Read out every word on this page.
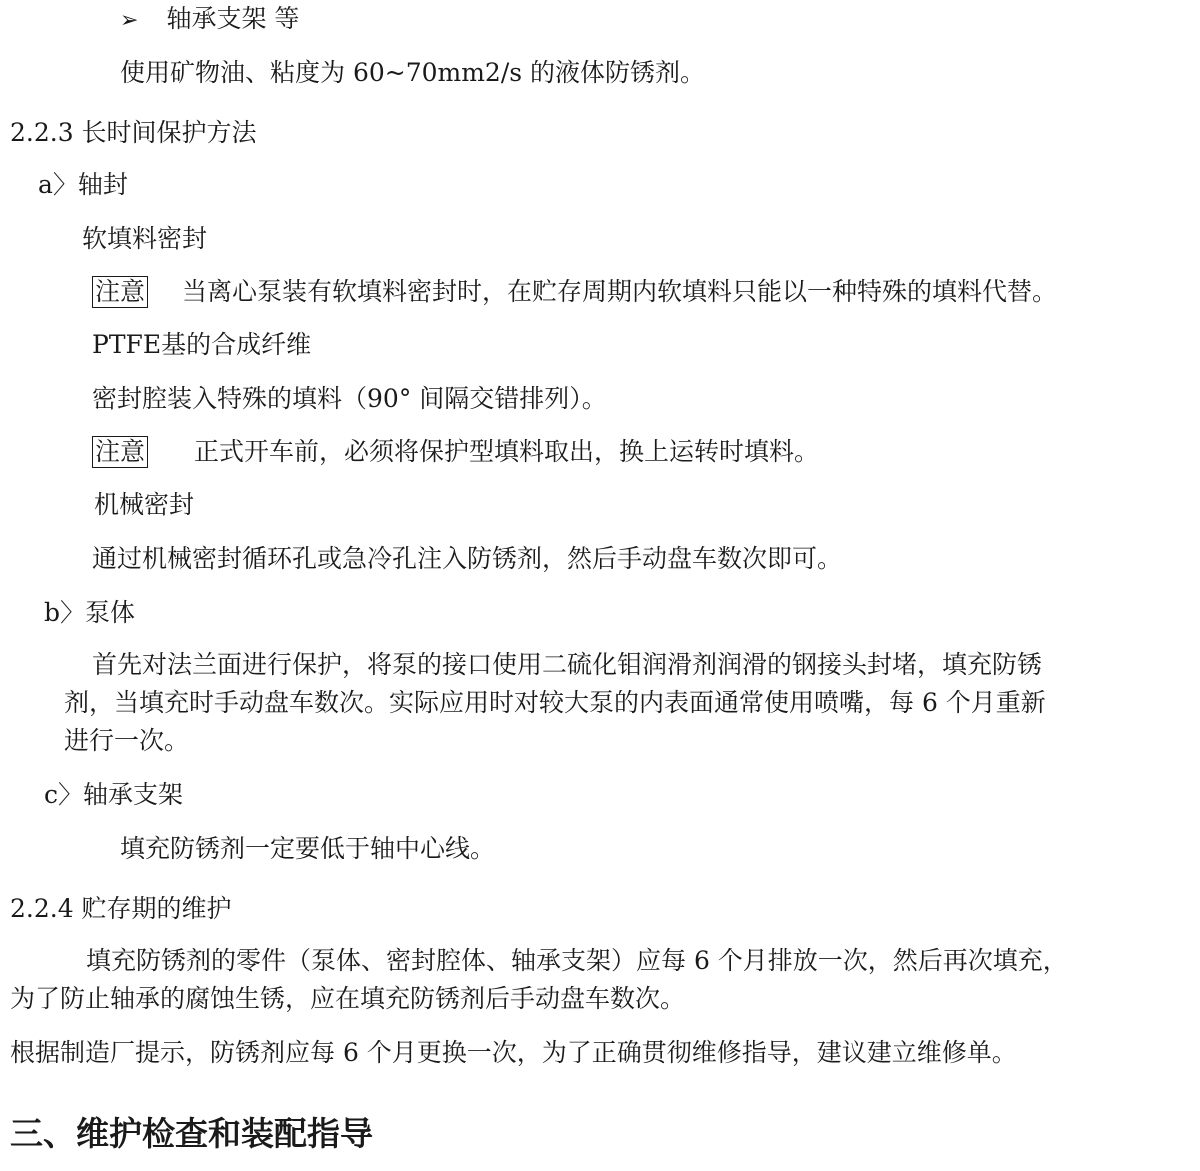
➢ 轴承支架 等
使用矿物油、粘度为 60~70mm2/s 的液体防锈剂。
2.2.3 长时间保护方法
a〉轴封
软填料密封
注意 当离心泵装有软填料密封时，在贮存周期内软填料只能以一种特殊的填料代替。
PTFE基的合成纤维
密封腔装入特殊的填料（90° 间隔交错排列）。
注意 正式开车前，必须将保护型填料取出，换上运转时填料。
机械密封
通过机械密封循环孔或急冷孔注入防锈剂，然后手动盘车数次即可。
b〉泵体
首先对法兰面进行保护，将泵的接口使用二硫化钼润滑剂润滑的钢接头封堵，填充防锈
剂，当填充时手动盘车数次。实际应用时对较大泵的内表面通常使用喷嘴，每 6 个月重新
进行一次。
c〉轴承支架
填充防锈剂一定要低于轴中心线。
2.2.4 贮存期的维护
填充防锈剂的零件（泵体、密封腔体、轴承支架）应每 6 个月排放一次，然后再次填充，
为了防止轴承的腐蚀生锈，应在填充防锈剂后手动盘车数次。
根据制造厂提示，防锈剂应每 6 个月更换一次，为了正确贯彻维修指导，建议建立维修单。
三、维护检查和装配指导
